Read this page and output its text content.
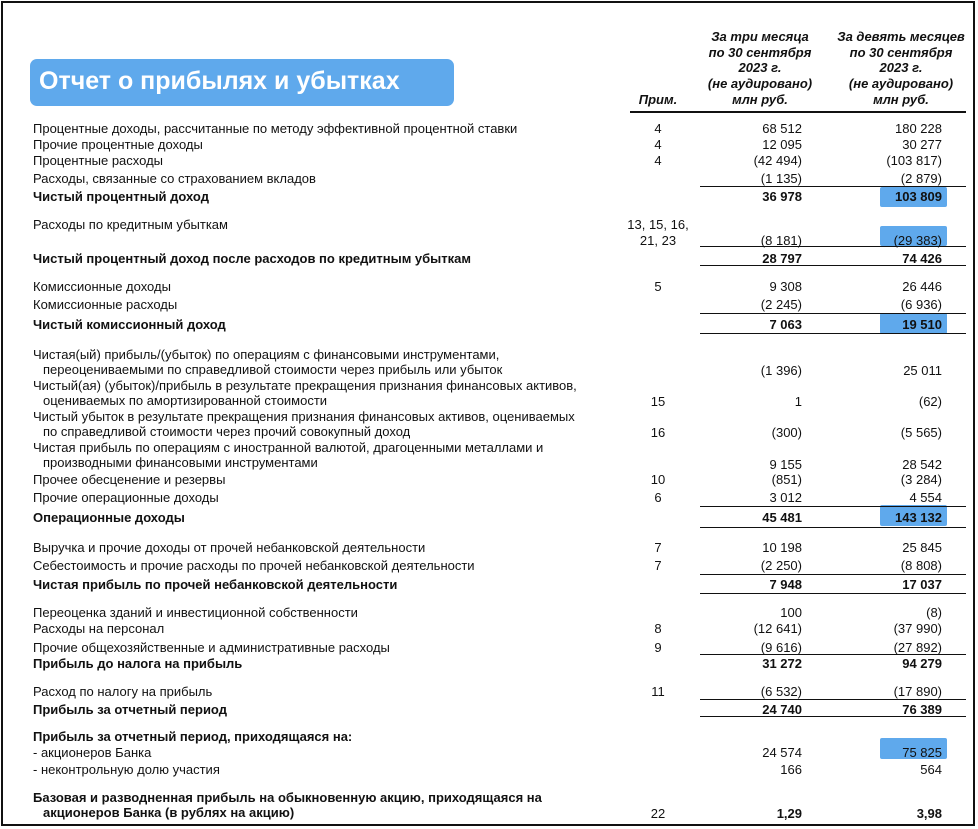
Отчет о прибылях и убытках
За три месяца
по 30 сентября
2023 г.
(не аудировано)
млн руб.
За девять месяцев
по 30 сентября
2023 г.
(не аудировано)
млн руб.
Прим.
Процентные доходы, рассчитанные по методу эффективной процентной ставки	4	68 512	180 228
Прочие процентные доходы	4	12 095	30 277
Процентные расходы	4	(42 494)	(103 817)
Расходы, связанные со страхованием вкладов	(1 135)	(2 879)
Чистый процентный доход	36 978	103 809
Расходы по кредитным убыткам	13, 15, 16,
21, 23	(8 181)	(29 383)
Чистый процентный доход после расходов по кредитным убыткам	28 797	74 426
Комиссионные доходы	5	9 308	26 446
Комиссионные расходы	(2 245)	(6 936)
Чистый комиссионный доход	7 063	19 510
Чистая(ый) прибыль/(убыток) по операциям с финансовыми инструментами,
переоцениваемыми по справедливой стоимости через прибыль или убыток	(1 396)	25 011
Чистый(ая) (убыток)/прибыль в результате прекращения признания финансовых активов,
оцениваемых по амортизированной стоимости	15	1	(62)
Чистый убыток в результате прекращения признания финансовых активов, оцениваемых
по справедливой стоимости через прочий совокупный доход	16	(300)	(5 565)
Чистая прибыль по операциям с иностранной валютой, драгоценными металлами и
производными финансовыми инструментами	9 155	28 542
Прочее обесценение и резервы	10	(851)	(3 284)
Прочие операционные доходы	6	3 012	4 554
Операционные доходы	45 481	143 132
Выручка и прочие доходы от прочей небанковской деятельности	7	10 198	25 845
Себестоимость и прочие расходы по прочей небанковской деятельности	7	(2 250)	(8 808)
Чистая прибыль по прочей небанковской деятельности	7 948	17 037
Переоценка зданий и инвестиционной собственности	100	(8)
Расходы на персонал	8	(12 641)	(37 990)
Прочие общехозяйственные и административные расходы	9	(9 616)	(27 892)
Прибыль до налога на прибыль	31 272	94 279
Расход по налогу на прибыль	11	(6 532)	(17 890)
Прибыль за отчетный период	24 740	76 389
Прибыль за отчетный период, приходящаяся на:
- акционеров Банка	24 574	75 825
- неконтрольную долю участия	166	564
Базовая и разводненная прибыль на обыкновенную акцию, приходящаяся на
акционеров Банка (в рублях на акцию)	22	1,29	3,98
